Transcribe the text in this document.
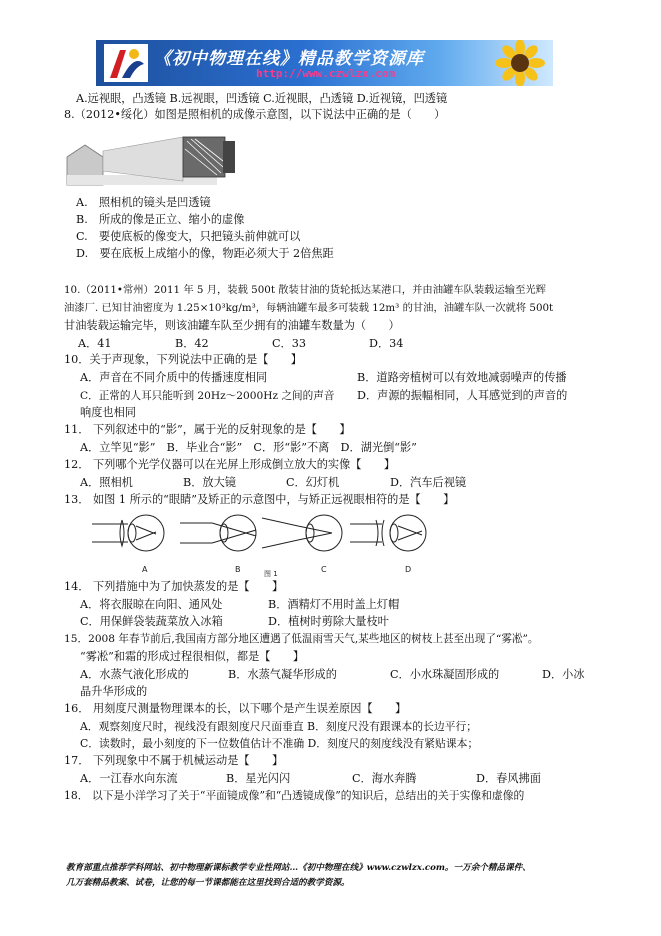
《初中物理在线》精品教学资源库
http://www.czwlzx.com
A.远视眼，凸透镜 B.远视眼，凹透镜 C.近视眼，凸透镜 D.近视镜，凹透镜
8.（2012•绥化）如图是照相机的成像示意图，以下说法中正确的是（　　）
A.　照相机的镜头是凹透镜
B.　所成的像是正立、缩小的虚像
C.　要使底板的像变大，只把镜头前伸就可以
D.　要在底板上成缩小的像，物距必须大于 2倍焦距
10.（2011•常州）2011 年 5 月，装载 500t 散装甘油的货轮抵达某港口，并由油罐车队装载运输至光辉
油漆厂. 已知甘油密度为 1.25×10³kg/m³，每辆油罐车最多可装载 12m³ 的甘油，油罐车队一次就将 500t
甘油装载运输完毕，则该油罐车队至少拥有的油罐车数量为（　　）
A．41	B．42	C．33	D．34
10．关于声现象，下列说法中正确的是【　　】
A．声音在不同介质中的传播速度相同	B．道路旁植树可以有效地减弱噪声的传播
C．正常的人耳只能听到 20Hz～2000Hz 之间的声音 D．声源的振幅相同，人耳感觉到的声音的
响度也相同
11． 下列叙述中的“影”，属于光的反射现象的是【　　】
A．立竿见“影”　B．毕业合“影”　C．形“影”不离　D．湖光倒“影”
12． 下列哪个光学仪器可以在光屏上形成倒立放大的实像【　　】
A．照相机	B．放大镜	C．幻灯机	D．汽车后视镜
13． 如图 1 所示的“眼睛”及矫正的示意图中，与矫正远视眼相符的是【　　】
A	B	C	D
图 1
14． 下列措施中为了加快蒸发的是【　　】
A．将衣服晾在向阳、通风处	B．酒精灯不用时盖上灯帽
C．用保鲜袋装蔬菜放入冰箱	D．植树时剪除大量枝叶
15．2008 年春节前后,我国南方部分地区遭遇了低温雨雪天气,某些地区的树枝上甚至出现了“雾凇”。
“雾凇”和霜的形成过程很相似，都是【　　】
A．水蒸气液化形成的	B．水蒸气凝华形成的	C．小水珠凝固形成的	D．小冰
晶升华形成的
16． 用刻度尺测量物理课本的长，以下哪个是产生误差原因【　　】
A．观察刻度尺时，视线没有跟刻度尺尺面垂直 B．刻度尺没有跟课本的长边平行；
C．读数时，最小刻度的下一位数值估计不准确 D．刻度尺的刻度线没有紧贴课本；
17． 下列现象中不属于机械运动是【　　】
A．一江春水向东流	B．星光闪闪	C．海水奔腾	D．春风拂面
18． 以下是小洋学习了关于“平面镜成像”和“凸透镜成像”的知识后，总结出的关于实像和虚像的
教育部重点推荐学科网站、初中物理新课标教学专业性网站…《初中物理在线》www.czwlzx.com。一万余个精品课件、
几万套精品教案、试卷，让您的每一节课都能在这里找到合适的教学资源。
